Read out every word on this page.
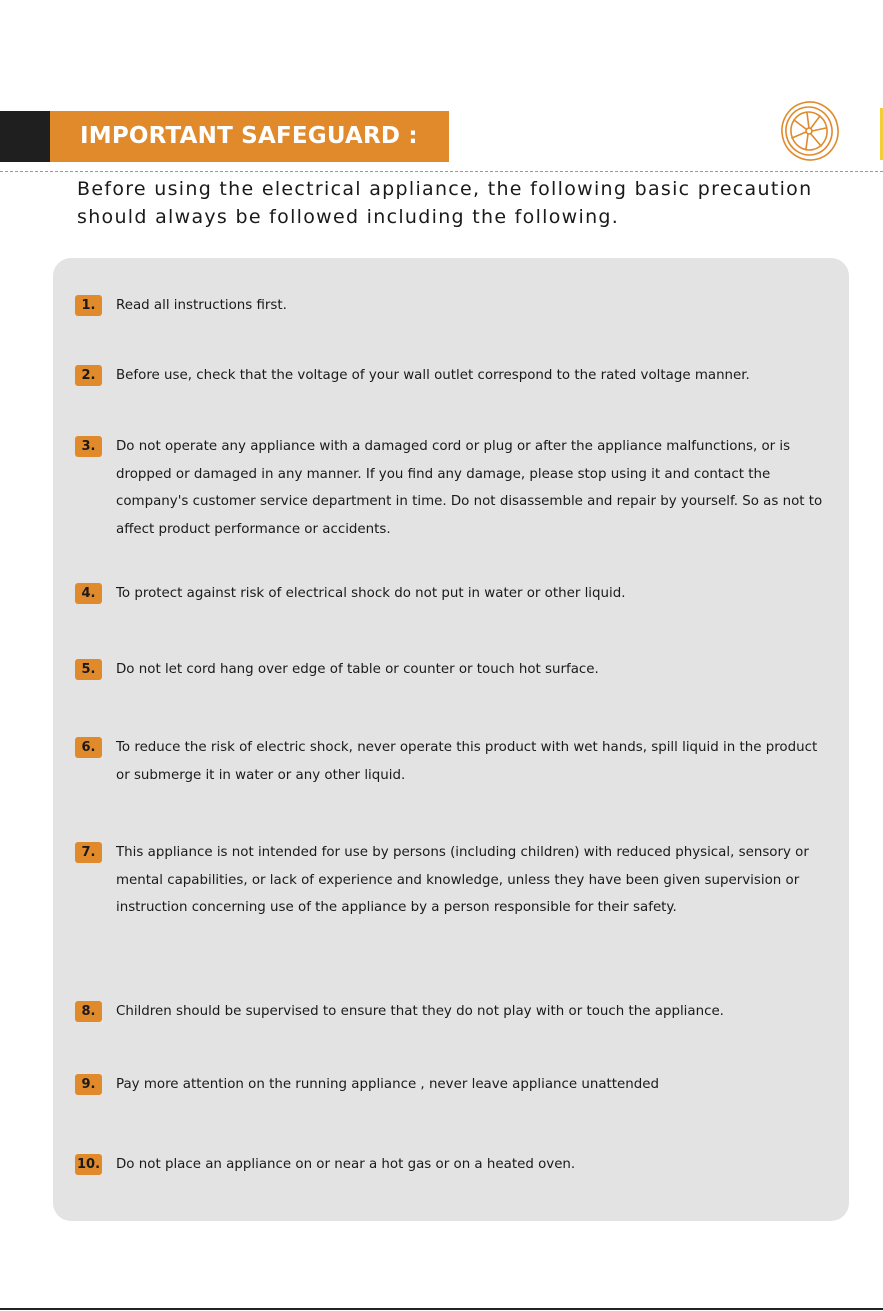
IMPORTANT SAFEGUARD :

Before using the electrical appliance, the following basic precaution should always be followed including the following.

1.	Read all instructions first.

2.	Before use, check that the voltage of your wall outlet correspond to the rated voltage manner.

3.	Do not operate any appliance with a damaged cord or plug or after the appliance malfunctions, or is dropped or damaged in any manner. If you find any damage, please stop using it and contact the company's customer service department in time. Do not disassemble and repair by yourself. So as not to affect product performance or accidents.

4.	To protect against risk of electrical shock do not put in water or other liquid.

5.	Do not let cord hang over edge of table or counter or touch hot surface.

6.	To reduce the risk of electric shock, never operate this product with wet hands, spill liquid in the product or submerge it in water or any other liquid.

7.	This appliance is not intended for use by persons (including children) with reduced physical, sensory or mental capabilities, or lack of experience and knowledge, unless they have been given supervision or instruction concerning use of the appliance by a person responsible for their safety.

8.	Children should be supervised to ensure that they do not play with or touch the appliance.

9.	Pay more attention on the running appliance , never leave appliance unattended

10. Do not place an appliance on or near a hot gas or on a heated oven.
